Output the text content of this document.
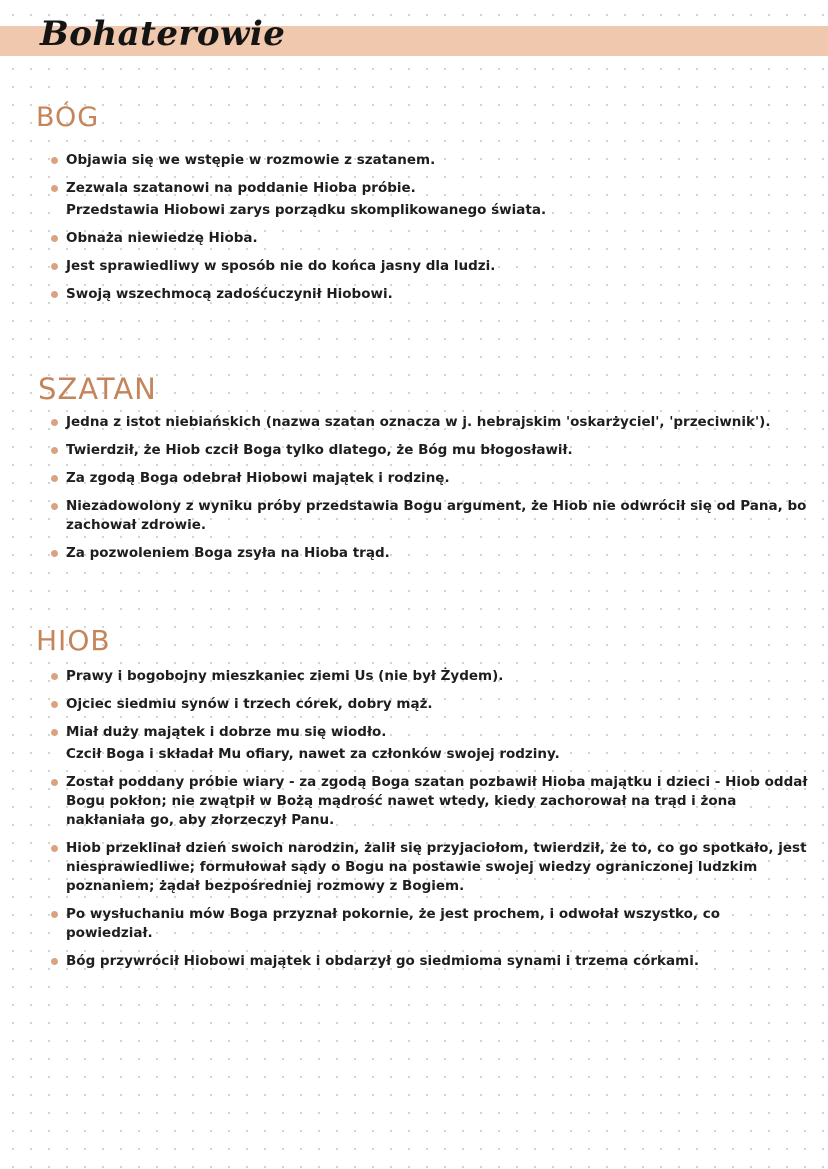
Bohaterowie
BÓG
Objawia się we wstępie w rozmowie z szatanem.
Zezwala szatanowi na poddanie Hioba próbie.
Przedstawia Hiobowi zarys porządku skomplikowanego świata.
Obnaża niewiedzę Hioba.
Jest sprawiedliwy w sposób nie do końca jasny dla ludzi.
Swoją wszechmocą zadośćuczynił Hiobowi.
SZATAN
Jedna z istot niebiańskich (nazwa szatan oznacza w j. hebrajskim 'oskarżyciel', 'przeciwnik').
Twierdził, że Hiob czcił Boga tylko dlatego, że Bóg mu błogosławił.
Za zgodą Boga odebrał Hiobowi majątek i rodzinę.
Niezadowolony z wyniku próby przedstawia Bogu argument, że Hiob nie odwrócił się od Pana, bo zachował zdrowie.
Za pozwoleniem Boga zsyła na Hioba trąd.
HIOB
Prawy i bogobojny mieszkaniec ziemi Us (nie był Żydem).
Ojciec siedmiu synów i trzech córek, dobry mąż.
Miał duży majątek i dobrze mu się wiodło.
Czcił Boga i składał Mu ofiary, nawet za członków swojej rodziny.
Został poddany próbie wiary - za zgodą Boga szatan pozbawił Hioba majątku i dzieci - Hiob oddał Bogu pokłon; nie zwątpił w Bożą mądrość nawet wtedy, kiedy zachorował na trąd i żona nakłaniała go, aby złorzeczył Panu.
Hiob przeklinał dzień swoich narodzin, żalił się przyjaciołom, twierdził, że to, co go spotkało, jest niesprawiedliwe; formułował sądy o Bogu na postawie swojej wiedzy ograniczonej ludzkim poznaniem; żądał bezpośredniej rozmowy z Bogiem.
Po wysłuchaniu mów Boga przyznał pokornie, że jest prochem, i odwołał wszystko, co powiedział.
Bóg przywrócił Hiobowi majątek i obdarzył go siedmioma synami i trzema córkami.
